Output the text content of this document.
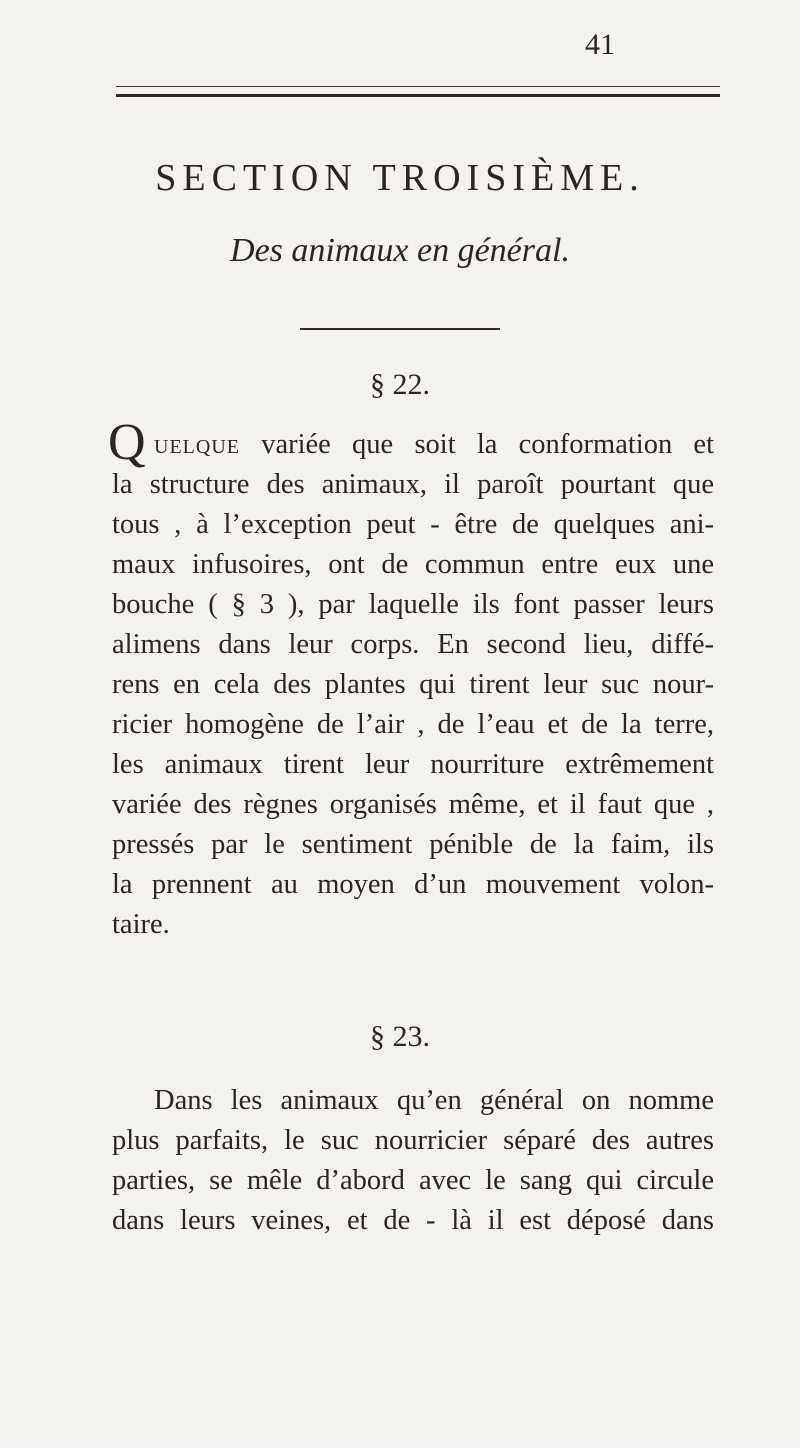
41
SECTION TROISIÈME.
Des animaux en général.
§ 22.
Q uelque variée que soit la conformation et
la structure des animaux, il paroît pourtant que
tous , à l’exception peut - être de quelques ani-
maux infusoires, ont de commun entre eux une
bouche ( § 3 ), par laquelle ils font passer leurs
alimens dans leur corps. En second lieu, diffé-
rens en cela des plantes qui tirent leur suc nour-
ricier homogène de l’air , de l’eau et de la terre,
les animaux tirent leur nourriture extrêmement
variée des règnes organisés même, et il faut que ,
pressés par le sentiment pénible de la faim, ils
la prennent au moyen d’un mouvement volon-
taire.
§ 23.
Dans les animaux qu’en général on nomme
plus parfaits, le suc nourricier séparé des autres
parties, se mêle d’abord avec le sang qui circule
dans leurs veines, et de - là il est déposé dans
